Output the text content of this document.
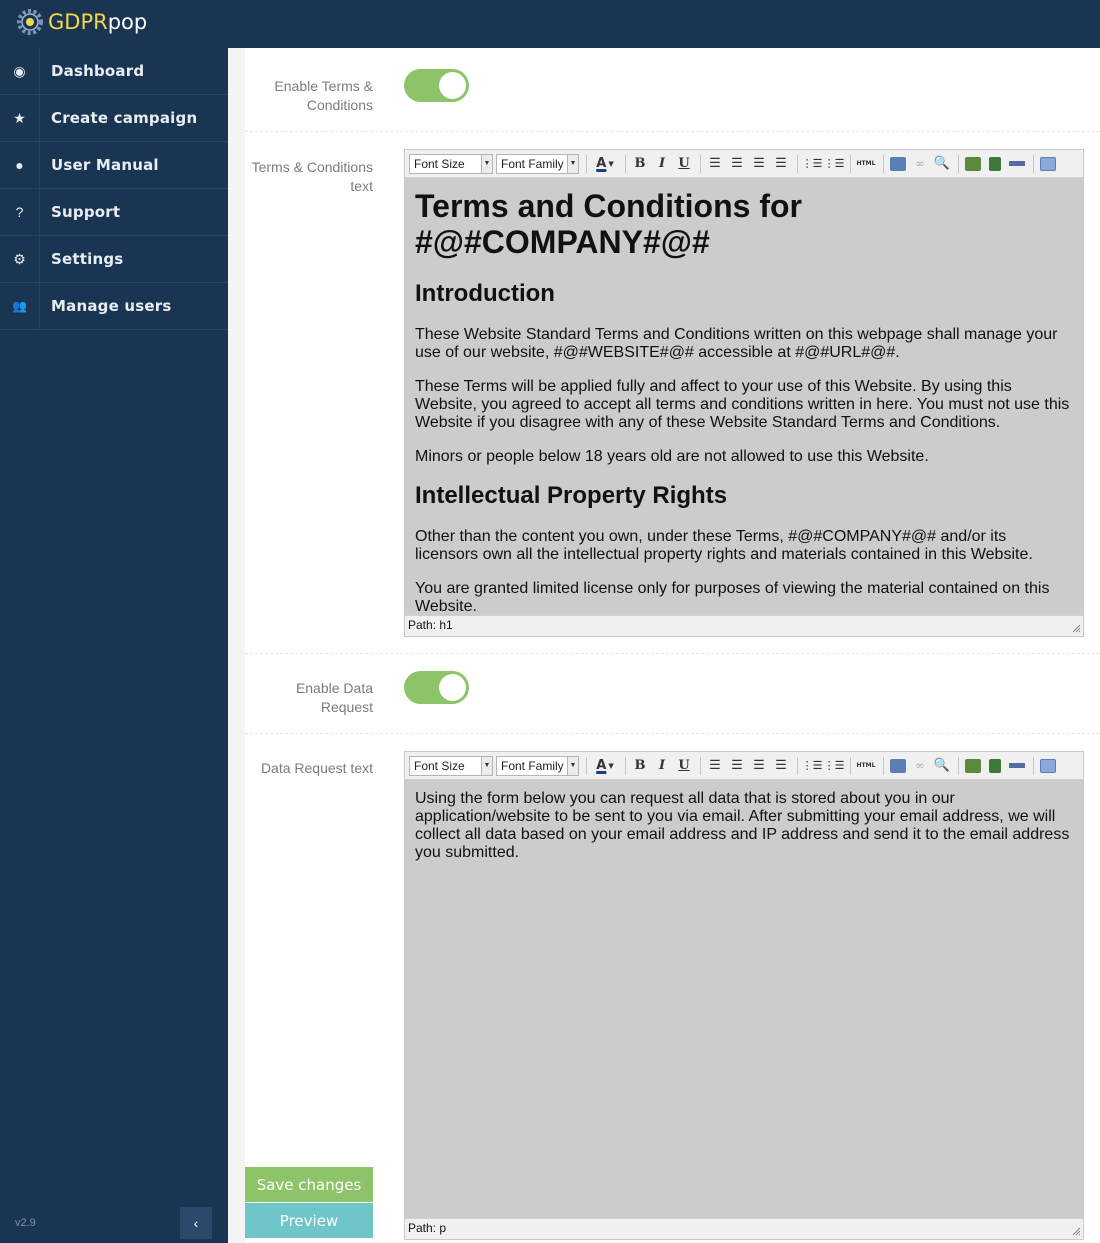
GDPRpop
◉	Dashboard
★	Create campaign
●	User Manual
?	Support
⚙	Settings
👥	Manage users
v2.9	‹
Enable Terms & Conditions
Terms & Conditions text
Font Size	▼ Font Family ▼ A ▼ B I U ☰ ☰ ☰ ☰ ⋮☰ ⋮☰ HTML	∞ 🔍
Terms and Conditions for #@#COMPANY#@#
Introduction

These Website Standard Terms and Conditions written on this webpage shall manage your use of our website, #@#WEBSITE#@# accessible at #@#URL#@#.

These Terms will be applied fully and affect to your use of this Website. By using this Website, you agreed to accept all terms and conditions written in here. You must not use this Website if you disagree with any of these Website Standard Terms and Conditions.

Minors or people below 18 years old are not allowed to use this Website.

Intellectual Property Rights

Other than the content you own, under these Terms, #@#COMPANY#@# and/or its licensors own all the intellectual property rights and materials contained in this Website.

You are granted limited license only for purposes of viewing the material contained on this Website.

Path: h1
Enable Data Request
Data Request text	Font Size	▼ Font Family ▼ A ▼ B I U ☰ ☰ ☰ ☰ ⋮☰ ⋮☰ HTML	∞ 🔍

Using the form below you can request all data that is stored about you in our application/website to be sent to you via email. After submitting your email address, we will collect all data based on your email address and IP address and send it to the email address you submitted.

Path: p
Save changes
Preview
